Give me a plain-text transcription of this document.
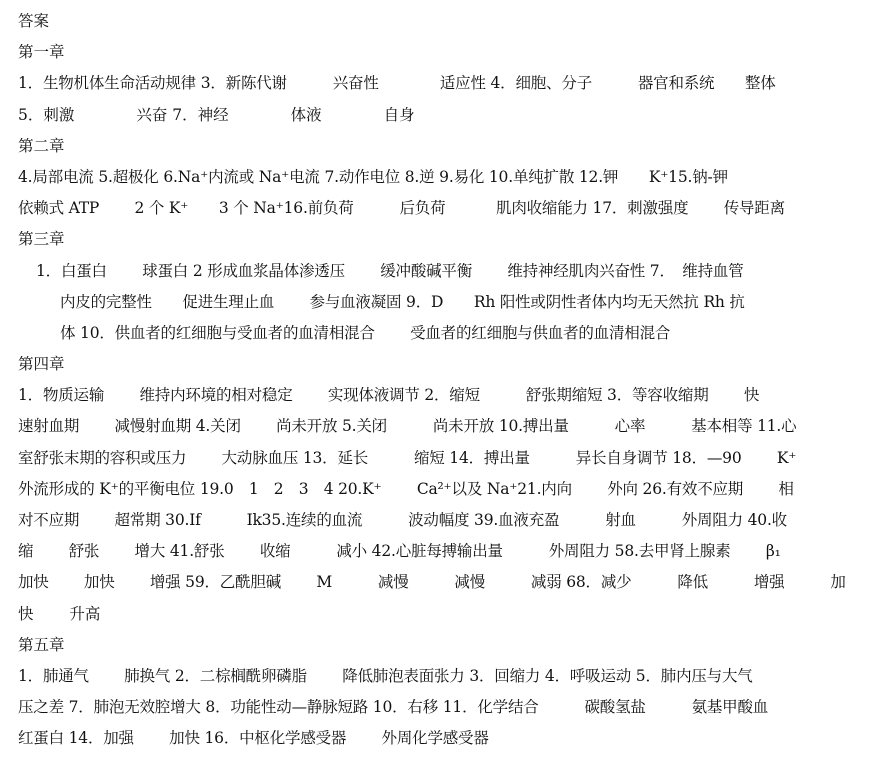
答案
第一章
1．生物机体生命活动规律 3．新陈代谢　　　兴奋性　　　　适应性 4．细胞、分子　　　器官和系统　　整体
5．刺激　　　　兴奋 7．神经　　　　体液　　　　自身
第二章
4.局部电流 5.超极化 6.Na⁺内流或 Na⁺电流 7.动作电位 8.逆 9.易化 10.单纯扩散 12.钾　　K⁺15.钠-钾
依赖式 ATP　　 2 个 K⁺　　3 个 Na⁺16.前负荷　　　后负荷　　　 肌肉收缩能力 17．刺激强度　　 传导距离
第三章
1．白蛋白　　 球蛋白 2 形成血浆晶体渗透压　　 缓冲酸碱平衡　　 维持神经肌肉兴奋性 7．　维持血管
内皮的完整性　　促进生理止血　　 参与血液凝固 9．D　　Rh 阳性或阴性者体内均无天然抗 Rh 抗
体 10．供血者的红细胞与受血者的血清相混合　　 受血者的红细胞与供血者的血清相混合
第四章
1．物质运输　　 维持内环境的相对稳定　　 实现体液调节 2．缩短　　　舒张期缩短 3．等容收缩期　　 快
速射血期　　 减慢射血期 4.关闭　　 尚未开放 5.关闭　　　尚未开放 10.搏出量　　　心率　　　基本相等 11.心
室舒张末期的容积或压力　　 大动脉血压 13．延长　　　缩短 14．搏出量　　　异长自身调节 18．—90　　 K⁺
外流形成的 K⁺的平衡电位 19.0　1　2　3　4 20.K⁺　　 Ca²⁺以及 Na⁺21.内向　　 外向 26.有效不应期　　 相
对不应期　　 超常期 30.If　　　Ik35.连续的血流　　　波动幅度 39.血液充盈　　　射血　　　外周阻力 40.收
缩　　 舒张　　 增大 41.舒张　　 收缩　　　减小 42.心脏每搏输出量　　　外周阻力 58.去甲肾上腺素　　 β₁
加快　　 加快　　 增强 59．乙酰胆碱　　 M　　　减慢　　　减慢　　　减弱 68．减少　　　降低　　　增强　　　加
快　　 升高
第五章
1．肺通气　　 肺换气 2．二棕榈酰卵磷脂　　 降低肺泡表面张力 3．回缩力 4．呼吸运动 5．肺内压与大气
压之差 7．肺泡无效腔增大 8．功能性动—静脉短路 10．右移 11．化学结合　　　碳酸氢盐　　　氨基甲酸血
红蛋白 14．加强　　 加快 16．中枢化学感受器　　 外周化学感受器
